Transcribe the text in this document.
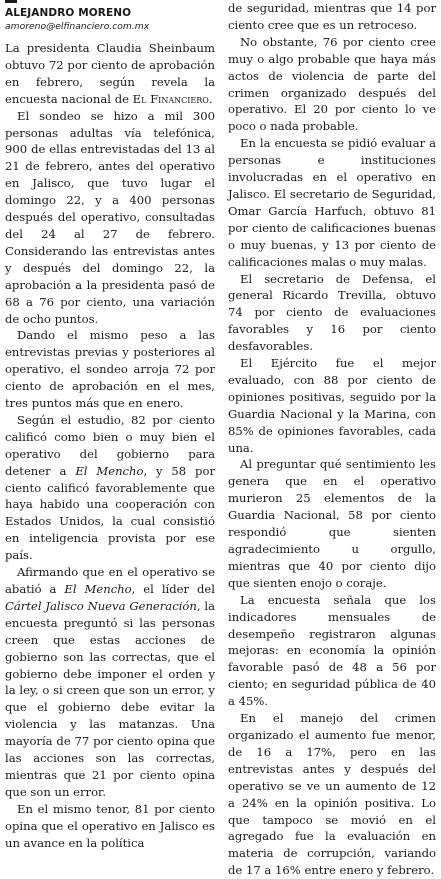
ALEJANDRO MORENO
amoreno@elfinanciero.com.mx

La presidenta Claudia Sheinbaum obtuvo 72 por ciento de aprobación en febrero, según revela la encuesta nacional de El Financiero.

El sondeo se hizo a mil 300 personas adultas vía telefónica, 900 de ellas entrevistadas del 13 al 21 de febrero, antes del operativo en Jalisco, que tuvo lugar el domingo 22, y a 400 personas después del operativo, consultadas del 24 al 27 de febrero. Considerando las entrevistas antes y después del domingo 22, la aprobación a la presidenta pasó de 68 a 76 por ciento, una variación de ocho puntos.

Dando el mismo peso a las entrevistas previas y posteriores al operativo, el sondeo arroja 72 por ciento de aprobación en el mes, tres puntos más que en enero.

Según el estudio, 82 por ciento calificó como bien o muy bien el operativo del gobierno para detener a El Mencho, y 58 por ciento calificó favorablemente que haya habido una cooperación con Estados Unidos, la cual consistió en inteligencia provista por ese país.

Afirmando que en el operativo se abatió a El Mencho, el líder del Cártel Jalisco Nueva Generación, la encuesta preguntó si las personas creen que estas acciones de gobierno son las correctas, que el gobierno debe imponer el orden y la ley, o si creen que son un error, y que el gobierno debe evitar la violencia y las matanzas. Una mayoría de 77 por ciento opina que las acciones son las correctas, mientras que 21 por ciento opina que son un error.

En el mismo tenor, 81 por ciento opina que el operativo en Jalisco es un avance en la política

de seguridad, mientras que 14 por ciento cree que es un retroceso.

No obstante, 76 por ciento cree muy o algo probable que haya más actos de violencia de parte del crimen organizado después del operativo. El 20 por ciento lo ve poco o nada probable.

En la encuesta se pidió evaluar a personas e instituciones involucradas en el operativo en Jalisco. El secretario de Seguridad, Omar García Harfuch, obtuvo 81 por ciento de calificaciones buenas o muy buenas, y 13 por ciento de calificaciones malas o muy malas.

El secretario de Defensa, el general Ricardo Trevilla, obtuvo 74 por ciento de evaluaciones favorables y 16 por ciento desfavorables.

El Ejército fue el mejor evaluado, con 88 por ciento de opiniones positivas, seguido por la Guardia Nacional y la Marina, con 85% de opiniones favorables, cada una.

Al preguntar qué sentimiento les genera que en el operativo murieron 25 elementos de la Guardia Nacional, 58 por ciento respondió que sienten agradecimiento u orgullo, mientras que 40 por ciento dijo que sienten enojo o coraje.

La encuesta señala que los indicadores mensuales de desempeño registraron algunas mejoras: en economía la opinión favorable pasó de 48 a 56 por ciento; en seguridad pública de 40 a 45%.

En el manejo del crimen organizado el aumento fue menor, de 16 a 17%, pero en las entrevistas antes y después del operativo se ve un aumento de 12 a 24% en la opinión positiva. Lo que tampoco se movió en el agregado fue la evaluación en materia de corrupción, variando de 17 a 16% entre enero y febrero.
